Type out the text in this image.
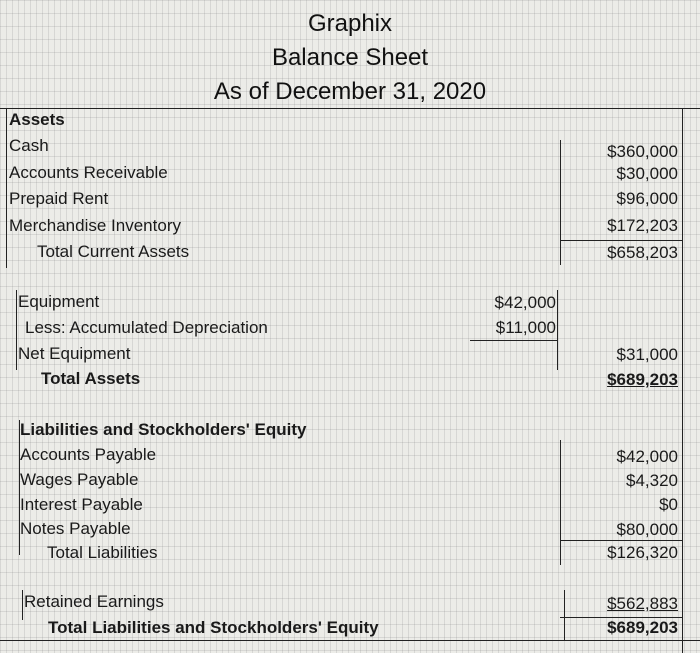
Graphix
Balance Sheet
As of December 31, 2020
Assets
Cash	$360,000
Accounts Receivable	$30,000
Prepaid Rent	$96,000
Merchandise Inventory	$172,203
Total Current Assets	$658,203
Equipment	$42,000
Less: Accumulated Depreciation	$11,000
Net Equipment	$31,000
Total Assets	$689,203
Liabilities and Stockholders' Equity
Accounts Payable	$42,000
Wages Payable	$4,320
Interest Payable	$0
Notes Payable	$80,000
Total Liabilities	$126,320
Retained Earnings	$562,883
Total Liabilities and Stockholders' Equity	$689,203
